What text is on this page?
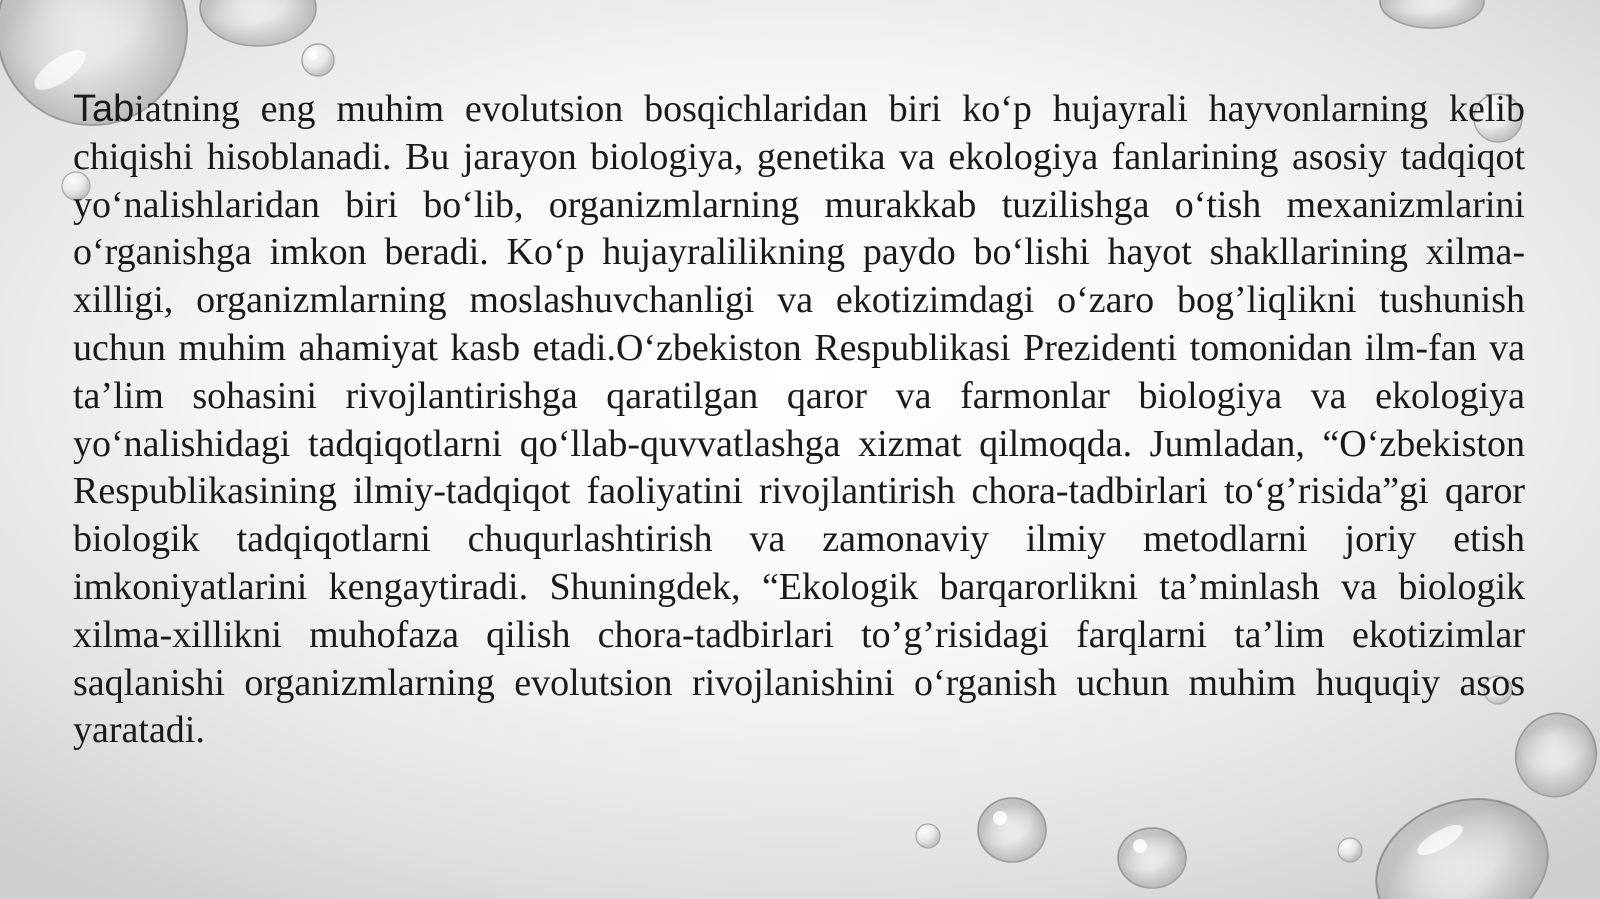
Tabiatning eng muhim evolutsion bosqichlaridan biri ko‘p hujayrali hayvonlarning kelib chiqishi hisoblanadi. Bu jarayon biologiya, genetika va ekologiya fanlarining asosiy tadqiqot yo‘nalishlaridan biri bo‘lib, organizmlarning murakkab tuzilishga o‘tish mexanizmlarini o‘rganishga imkon beradi. Ko‘p hujayralilikning paydo bo‘lishi hayot shakllarining xilma-xilligi, organizmlarning moslashuvchanligi va ekotizimdagi o‘zaro bog’liqlikni tushunish uchun muhim ahamiyat kasb etadi.O‘zbekiston Respublikasi Prezidenti tomonidan ilm-fan va ta’lim sohasini rivojlantirishga qaratilgan qaror va farmonlar biologiya va ekologiya yo‘nalishidagi tadqiqotlarni qo‘llab-quvvatlashga xizmat qilmoqda. Jumladan, “O‘zbekiston Respublikasining ilmiy-tadqiqot faoliyatini rivojlantirish chora-tadbirlari to‘g’risida”gi qaror biologik tadqiqotlarni chuqurlashtirish va zamonaviy ilmiy metodlarni joriy etish imkoniyatlarini kengaytiradi. Shuningdek, “Ekologik barqarorlikni ta’minlash va biologik xilma-xillikni muhofaza qilish chora-tadbirlari to’g’risidagi farqlarni ta’lim ekotizimlar saqlanishi organizmlarning evolutsion rivojlanishini o‘rganish uchun muhim huquqiy asos yaratadi.
